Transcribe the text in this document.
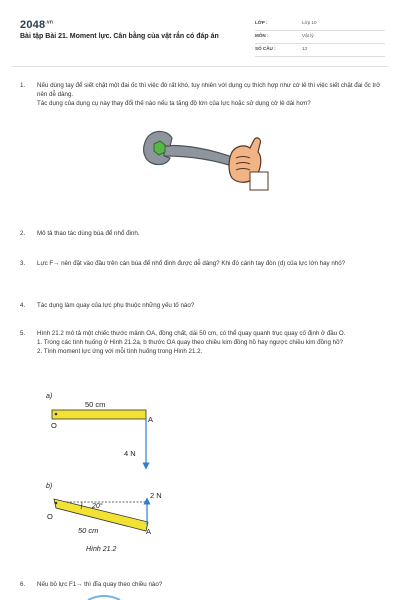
$2048^{.vn}$
Bài tập Bài 21. Moment lực. Cân bằng của vật rắn có đáp án
LỚP :	Lớp 10
MÔN :	Vật lý
SỐ CÂU :	13
1.	Nếu dùng tay để siết chặt một đai ốc thì việc đó rất khó, tuy nhiên với dụng cụ thích hợp như cờ lê thì việc siết chặt đai ốc trở nên dễ dàng.

Tác dụng của dụng cụ này thay đổi thế nào nếu ta tăng độ lớn của lực hoặc sử dụng cờ lê dài hơn?

2.	Mô tả thao tác dùng búa để nhổ đinh.

3.	Lực F→ nên đặt vào đầu trên cán búa để nhổ đinh được dễ dàng? Khi đó cánh tay đòn (d) của lực lớn hay nhỏ?

4.	Tác dụng làm quay của lực phụ thuộc những yếu tố nào?

5.	Hình 21.2 mô tả một chiếc thước mảnh OA, đồng chất, dài 50 cm, có thể quay quanh trục quay cố định ở đầu O.

1. Trong các tình huống ở Hình 21.2a, b thước OA quay theo chiều kim đồng hồ hay ngược chiều kim đồng hồ?

2. Tính moment lực ứng với mỗi tình huống trong Hình 21.2.

a)
50 cm
O
A
4 N
b)
20°
O
A
2 N
50 cm
Hình 21.2
6.	Nếu bỏ lực F1→ thì đĩa quay theo chiều nào?
